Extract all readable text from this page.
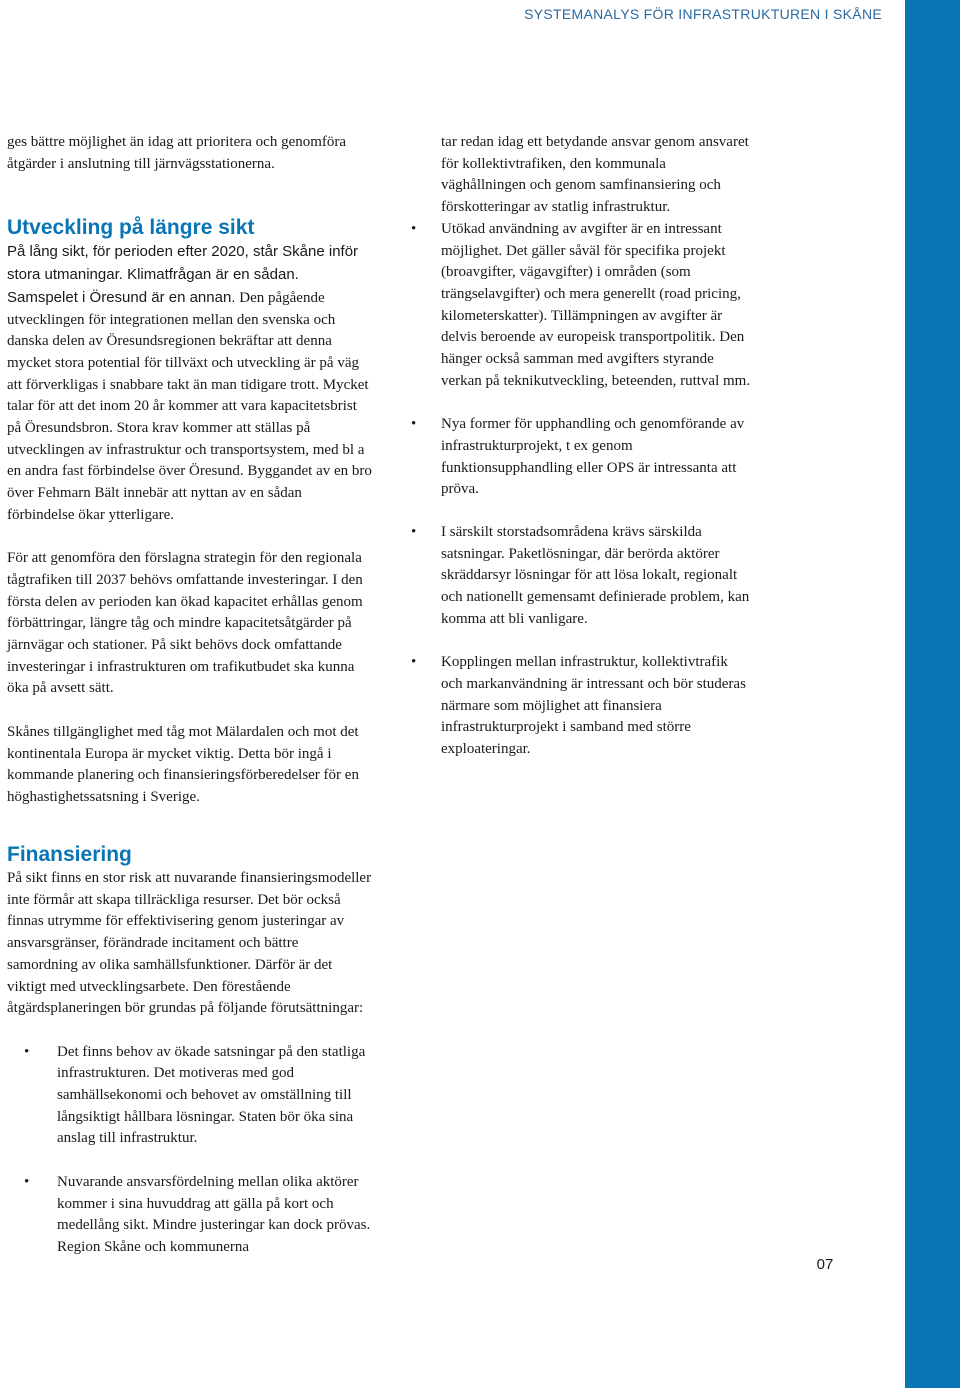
SYSTEMANALYS FÖR INFRASTRUKTUREN I SKÅNE

ges bättre möjlighet än idag att prioritera och genomföra åtgärder i anslutning till järnvägsstationerna.

Utveckling på längre sikt

På lång sikt, för perioden efter 2020, står Skåne inför stora utmaningar. Klimatfrågan är en sådan. Samspelet i Öresund är en annan. Den pågående utvecklingen för integrationen mellan den svenska och danska delen av Öresundsregionen bekräftar att denna mycket stora potential för tillväxt och utveckling är på väg att förverkligas i snabbare takt än man tidigare trott. Mycket talar för att det inom 20 år kommer att vara kapacitetsbrist på Öresundsbron. Stora krav kommer att ställas på utvecklingen av infrastruktur och transportsystem, med bl a en andra fast förbindelse över Öresund. Byggandet av en bro över Fehmarn Bält innebär att nyttan av en sådan förbindelse ökar ytterligare.

För att genomföra den förslagna strategin för den regionala tågtrafiken till 2037 behövs omfattande investeringar. I den första delen av perioden kan ökad kapacitet erhållas genom förbättringar, längre tåg och mindre kapacitetsåtgärder på järnvägar och stationer. På sikt behövs dock omfattande investeringar i infrastrukturen om trafikutbudet ska kunna öka på avsett sätt.

Skånes tillgänglighet med tåg mot Mälardalen och mot det kontinentala Europa är mycket viktig. Detta bör ingå i kommande planering och finansieringsförberedelser för en höghastighetssatsning i Sverige.

tar redan idag ett betydande ansvar genom ansvaret för kollektivtrafiken, den kommunala väghållningen och genom samfinansiering och förskotteringar av statlig infrastruktur.

• Utökad användning av avgifter är en intressant möjlighet. Det gäller såväl för specifika projekt (broavgifter, vägavgifter) i områden (som trängselavgifter) och mera generellt (road pricing, kilometerskatter). Tillämpningen av avgifter är delvis beroende av europeisk transportpolitik. Den hänger också samman med avgifters styrande verkan på teknikutveckling, beteenden, ruttval mm.
• Nya former för upphandling och genomförande av infrastrukturprojekt, t ex genom funktionsupphandling eller OPS är intressanta att pröva.
• I särskilt storstadsområdena krävs särskilda satsningar. Paketlösningar, där berörda aktörer skräddarsyr lösningar för att lösa lokalt, regionalt och nationellt gemensamt definierade problem, kan komma att bli vanligare.
• Kopplingen mellan infrastruktur, kollektivtrafik och markanvändning är intressant och bör studeras närmare som möjlighet att finansiera infrastrukturprojekt i samband med större exploateringar.
Finansiering

På sikt finns en stor risk att nuvarande finansieringsmodeller inte förmår att skapa tillräckliga resurser. Det bör också finnas utrymme för effektivisering genom justeringar av ansvarsgränser, förändrade incitament och bättre samordning av olika samhällsfunktioner. Därför är det viktigt med utvecklingsarbete. Den förestående åtgärdsplaneringen bör grundas på följande förutsättningar:

• Det finns behov av ökade satsningar på den statliga infrastrukturen. Det motiveras med god samhällsekonomi och behovet av omställning till långsiktigt hållbara lösningar. Staten bör öka sina anslag till infrastruktur.
• Nuvarande ansvarsfördelning mellan olika aktörer kommer i sina huvuddrag att gälla på kort och medellång sikt. Mindre justeringar kan dock prövas. Region Skåne och kommunerna
07
